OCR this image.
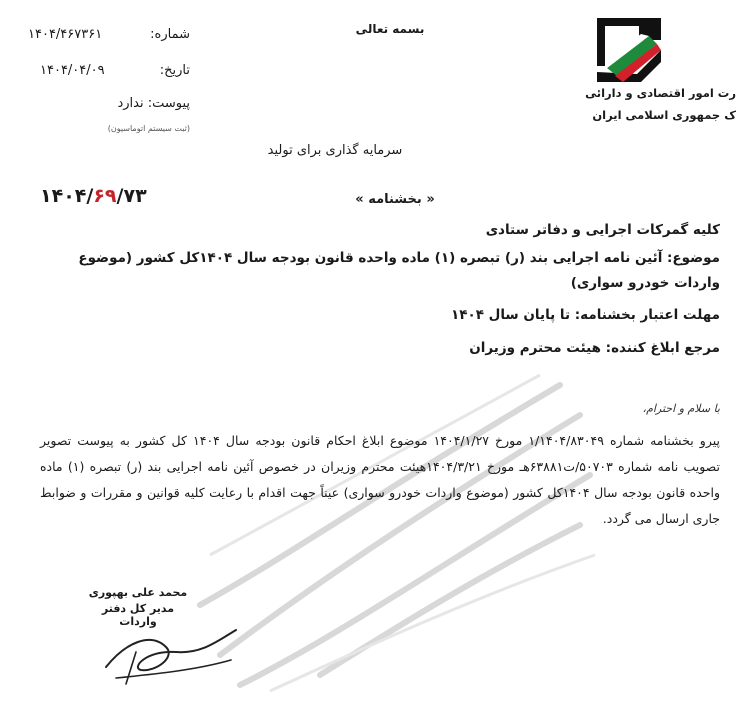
بسمه تعالی
رت امور اقتصادی و دارائی
ک جمهوری اسلامی ایران
شماره:
۱۴۰۴/۴۶۷۳۶۱
تاریخ:
۱۴۰۴/۰۴/۰۹
پیوست: ندارد
(ثبت سیستم اتوماسیون)
سرمایه گذاری برای تولید
۱۴۰۴/۶۹/۷۳	« بخشنامه »
کلیه گمرکات اجرایی و دفاتر ستادی
موضوع: آئین نامه اجرایی بند (ر) تبصره (۱) ماده واحده قانون بودجه سال ۱۴۰۴کل کشور (موضوع واردات خودرو سواری)
مهلت اعتبار بخشنامه: تا پایان سال ۱۴۰۴
مرجع ابلاغ کننده: هیئت محترم وزیران
با سلام و احترام،
پیرو بخشنامه شماره ۱/۱۴۰۴/۸۳۰۴۹ مورخ ۱۴۰۴/۱/۲۷ موضوع ابلاغ احکام قانون بودجه سال ۱۴۰۴ کل کشور به پیوست تصویر تصویب نامه شماره ۵۰۷۰۳/ت۶۳۸۸۱هـ مورخ ۱۴۰۴/۳/۲۱هیئت محترم وزیران در خصوص آئین نامه اجرایی بند (ر) تبصره (۱) ماده واحده قانون بودجه سال ۱۴۰۴کل کشور (موضوع واردات خودرو سواری) عیناً جهت اقدام با رعایت کلیه قوانین و مقررات و ضوابط جاری ارسال می گردد.
محمد علی بهپوری
مدیر کل دفتر واردات
